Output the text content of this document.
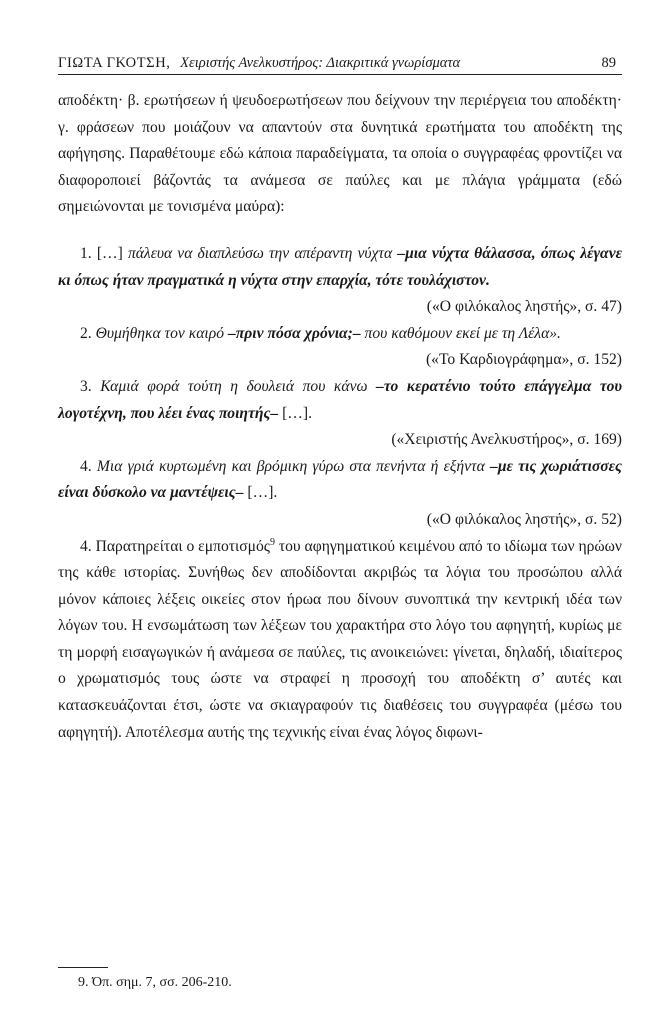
ΓΙΩΤΑ ΓΚΟΤΣΗ, Χειριστής Ανελκυστήρος: Διακριτικά γνωρίσματα	89

αποδέκτη· β. ερωτήσεων ή ψευδοερωτήσεων που δείχνουν την περιέργεια του αποδέκτη· γ. φράσεων που μοιάζουν να απαντούν στα δυνητικά ερωτήματα του αποδέκτη της αφήγησης. Παραθέτουμε εδώ κάποια παραδείγματα, τα οποία ο συγγραφέας φροντίζει να διαφοροποιεί βάζοντάς τα ανάμεσα σε παύλες και με πλάγια γράμματα (εδώ σημειώνονται με τονισμένα μαύρα):

1. […] πάλευα να διαπλεύσω την απέραντη νύχτα –μια νύχτα θάλασσα, όπως λέγανε κι όπως ήταν πραγματικά η νύχτα στην επαρχία, τότε τουλάχιστον.

(«Ο φιλόκαλος ληστής», σ. 47)

2. Θυμήθηκα τον καιρό –πριν πόσα χρόνια;– που καθόμουν εκεί με τη Λέλα».

(«Το Καρδιογράφημα», σ. 152)

3. Καμιά φορά τούτη η δουλειά που κάνω –το κερατένιο τούτο επάγγελμα του λογοτέχνη, που λέει ένας ποιητής– […].

(«Χειριστής Ανελκυστήρος», σ. 169)

4. Μια γριά κυρτωμένη και βρόμικη γύρω στα πενήντα ή εξήντα –με τις χωριάτισσες είναι δύσκολο να μαντέψεις– […].

(«Ο φιλόκαλος ληστής», σ. 52)

4. Παρατηρείται ο εμποτισμός$^9$ του αφηγηματικού κειμένου από το ιδίωμα των ηρώων της κάθε ιστορίας. Συνήθως δεν αποδίδονται ακριβώς τα λόγια του προσώπου αλλά μόνον κάποιες λέξεις οικείες στον ήρωα που δίνουν συνοπτικά την κεντρική ιδέα των λόγων του. Η ενσωμάτωση των λέξεων του χαρακτήρα στο λόγο του αφηγητή, κυρίως με τη μορφή εισαγωγικών ή ανάμεσα σε παύλες, τις ανοικειώνει: γίνεται, δηλαδή, ιδιαίτερος ο χρωματισμός τους ώστε να στραφεί η προσοχή του αποδέκτη σ’ αυτές και κατασκευάζονται έτσι, ώστε να σκιαγραφούν τις διαθέσεις του συγγραφέα (μέσω του αφηγητή). Αποτέλεσμα αυτής της τεχνικής είναι ένας λόγος διφωνι-

9. Όπ. σημ. 7, σσ. 206-210.
